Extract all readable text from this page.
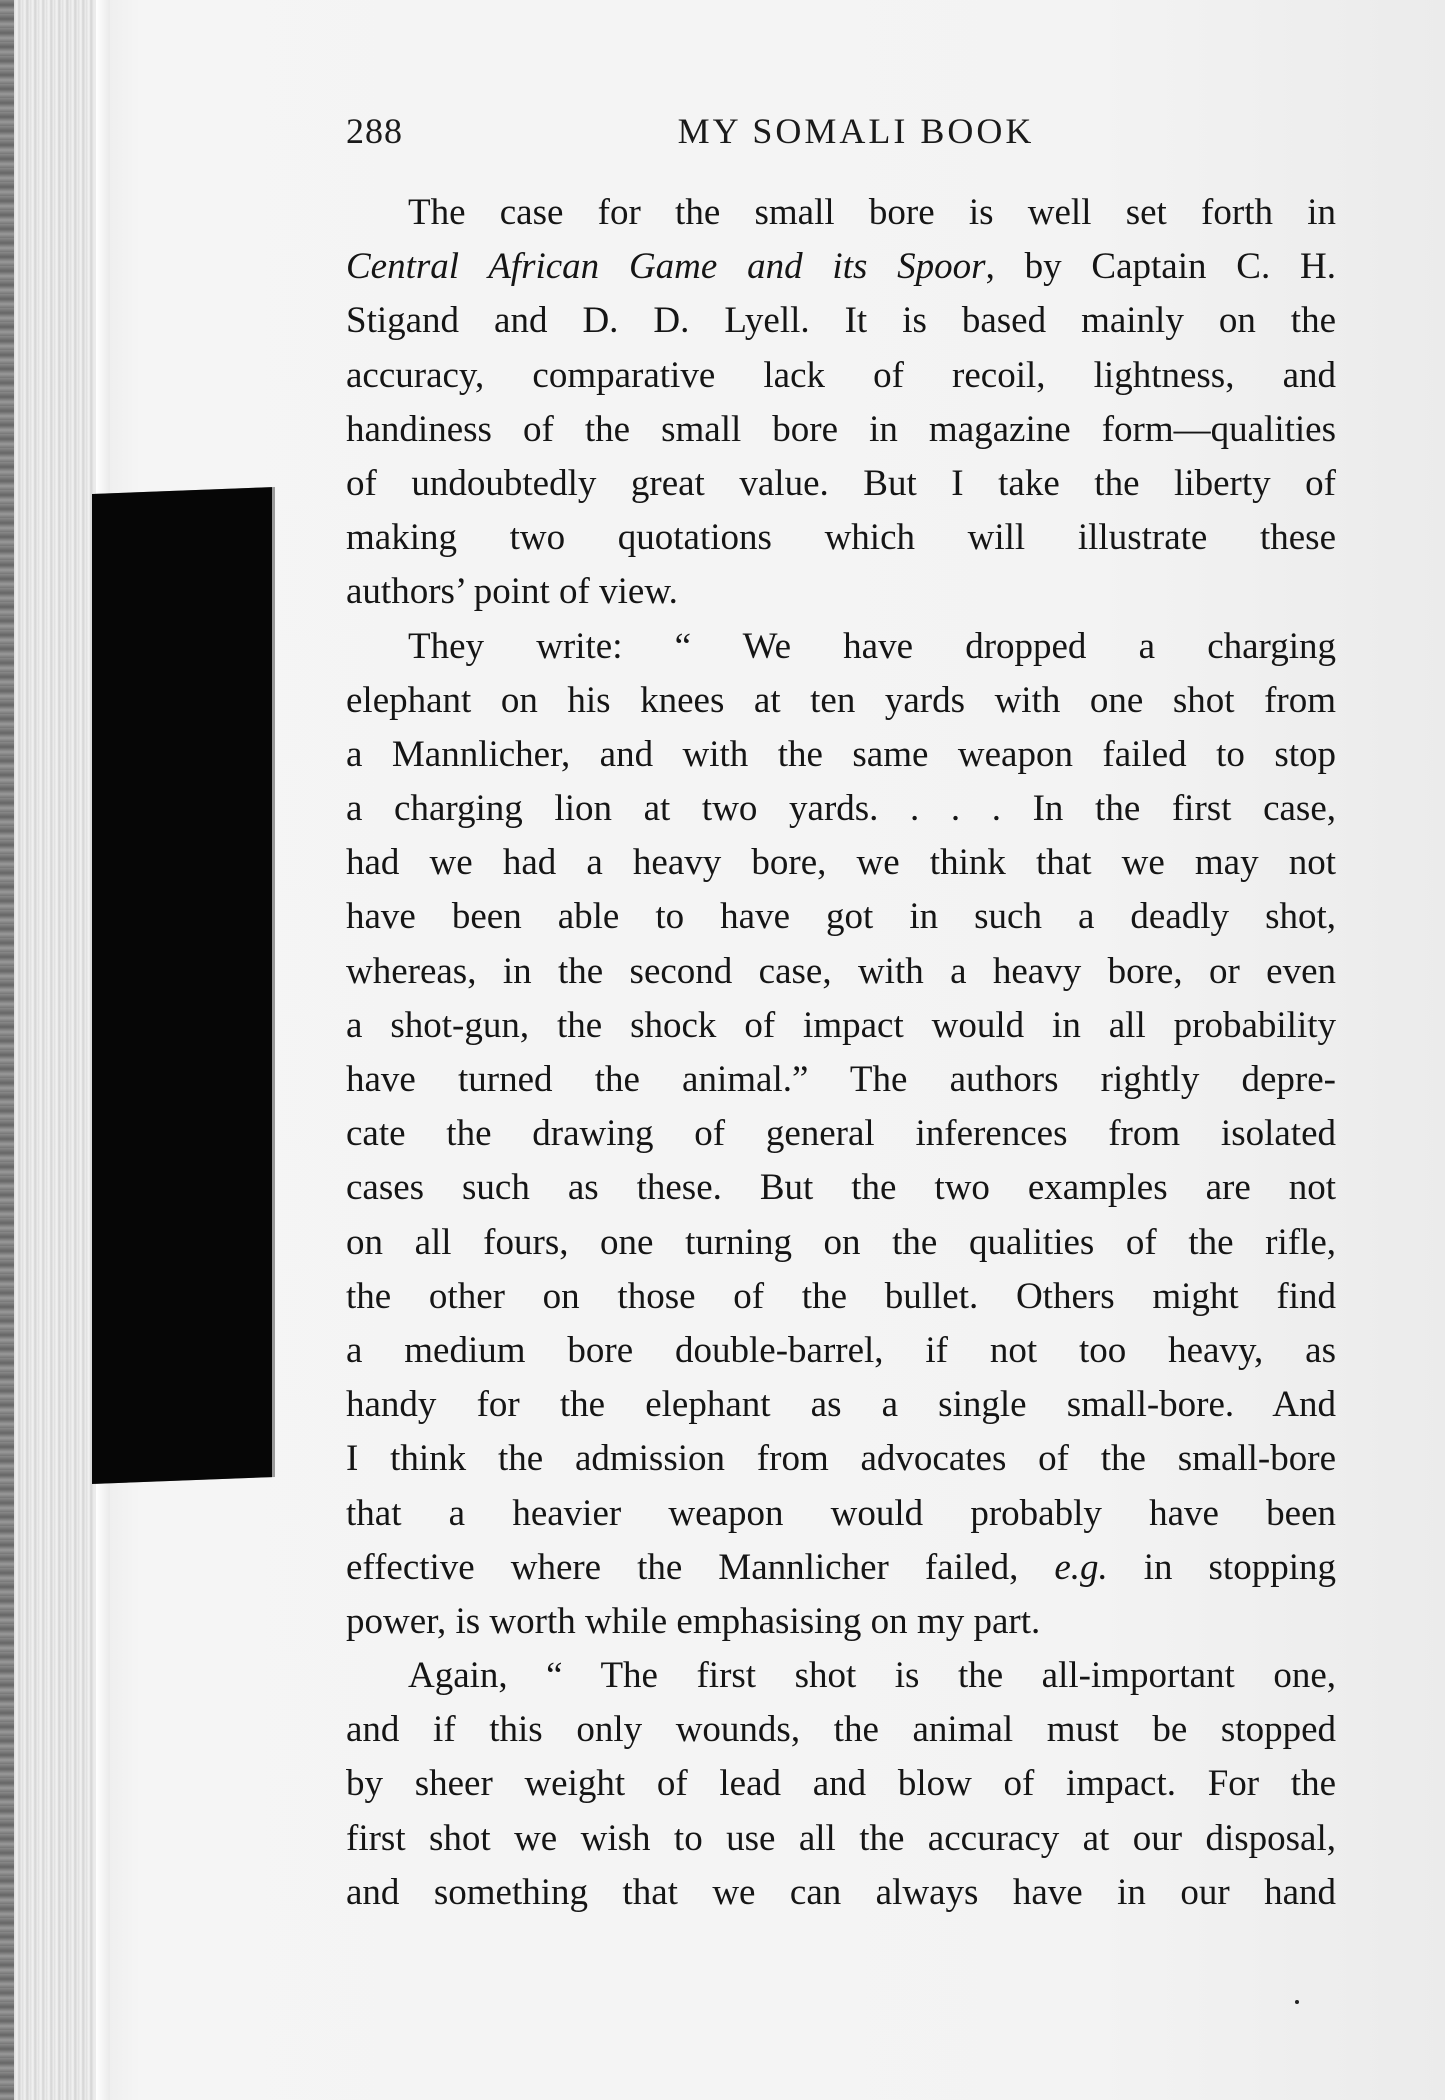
288	MY SOMALI BOOK
The case for the small bore is well set forth in
Central African Game and its Spoor, by Captain C. H.
Stigand and D. D. Lyell. It is based mainly on the
accuracy, comparative lack of recoil, lightness, and
handiness of the small bore in magazine form—qualities
of undoubtedly great value. But I take the liberty of
making two quotations which will illustrate these
authors’ point of view.
They write: “ We have dropped a charging
elephant on his knees at ten yards with one shot from
a Mannlicher, and with the same weapon failed to stop
a charging lion at two yards. . . . In the first case,
had we had a heavy bore, we think that we may not
have been able to have got in such a deadly shot,
whereas, in the second case, with a heavy bore, or even
a shot-gun, the shock of impact would in all probability
have turned the animal.” The authors rightly depre-
cate the drawing of general inferences from isolated
cases such as these. But the two examples are not
on all fours, one turning on the qualities of the rifle,
the other on those of the bullet. Others might find
a medium bore double-barrel, if not too heavy, as
handy for the elephant as a single small-bore. And
I think the admission from advocates of the small-bore
that a heavier weapon would probably have been
effective where the Mannlicher failed, e.g. in stopping
power, is worth while emphasising on my part.
Again, “ The first shot is the all-important one,
and if this only wounds, the animal must be stopped
by sheer weight of lead and blow of impact. For the
first shot we wish to use all the accuracy at our disposal,
and something that we can always have in our hand
